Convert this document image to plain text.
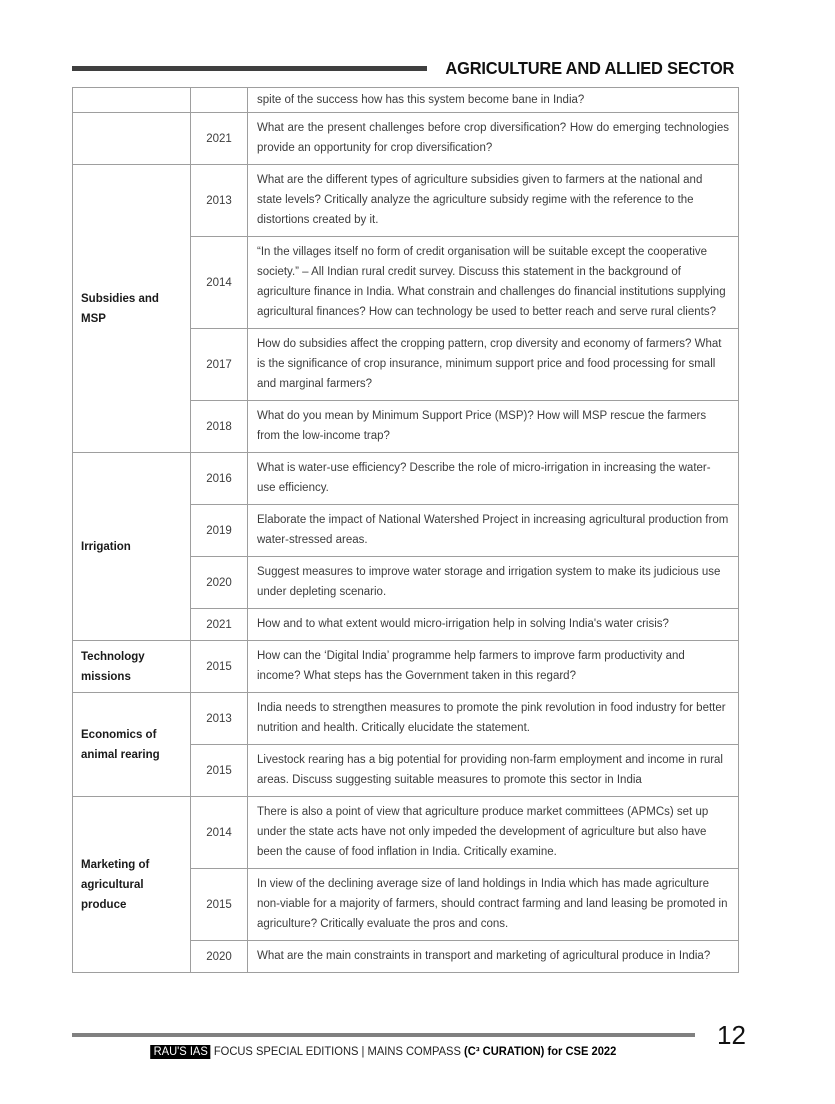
AGRICULTURE AND ALLIED SECTOR
		spite of the success how has this system become bane in India?
	2021	What are the present challenges before crop diversification? How do emerging technologies provide an opportunity for crop diversification?
Subsidies and MSP	2013	What are the different types of agriculture subsidies given to farmers at the national and state levels? Critically analyze the agriculture subsidy regime with the reference to the distortions created by it.
	2014	“In the villages itself no form of credit organisation will be suitable except the cooperative society.” – All Indian rural credit survey. Discuss this statement in the background of agriculture finance in India. What constrain and challenges do financial institutions supplying agricultural finances? How can technology be used to better reach and serve rural clients?
	2017	How do subsidies affect the cropping pattern, crop diversity and economy of farmers? What is the significance of crop insurance, minimum support price and food processing for small and marginal farmers?
	2018	What do you mean by Minimum Support Price (MSP)? How will MSP rescue the farmers from the low-income trap?
Irrigation	2016	What is water-use efficiency? Describe the role of micro-irrigation in increasing the water-use efficiency.
	2019	Elaborate the impact of National Watershed Project in increasing agricultural production from water-stressed areas.
	2020	Suggest measures to improve water storage and irrigation system to make its judicious use under depleting scenario.
	2021	How and to what extent would micro-irrigation help in solving India's water crisis?
Technology missions	2015	How can the ‘Digital India’ programme help farmers to improve farm productivity and income? What steps has the Government taken in this regard?
Economics of animal rearing	2013	India needs to strengthen measures to promote the pink revolution in food industry for better nutrition and health. Critically elucidate the statement.
	2015	Livestock rearing has a big potential for providing non-farm employment and income in rural areas. Discuss suggesting suitable measures to promote this sector in India
Marketing of agricultural produce	2014	There is also a point of view that agriculture produce market committees (APMCs) set up under the state acts have not only impeded the development of agriculture but also have been the cause of food inflation in India. Critically examine.
	2015	In view of the declining average size of land holdings in India which has made agriculture non-viable for a majority of farmers, should contract farming and land leasing be promoted in agriculture? Critically evaluate the pros and cons.
	2020	What are the main constraints in transport and marketing of agricultural produce in India?
12
RAU'S IAS FOCUS SPECIAL EDITIONS | MAINS COMPASS (C³ CURATION) for CSE 2022
